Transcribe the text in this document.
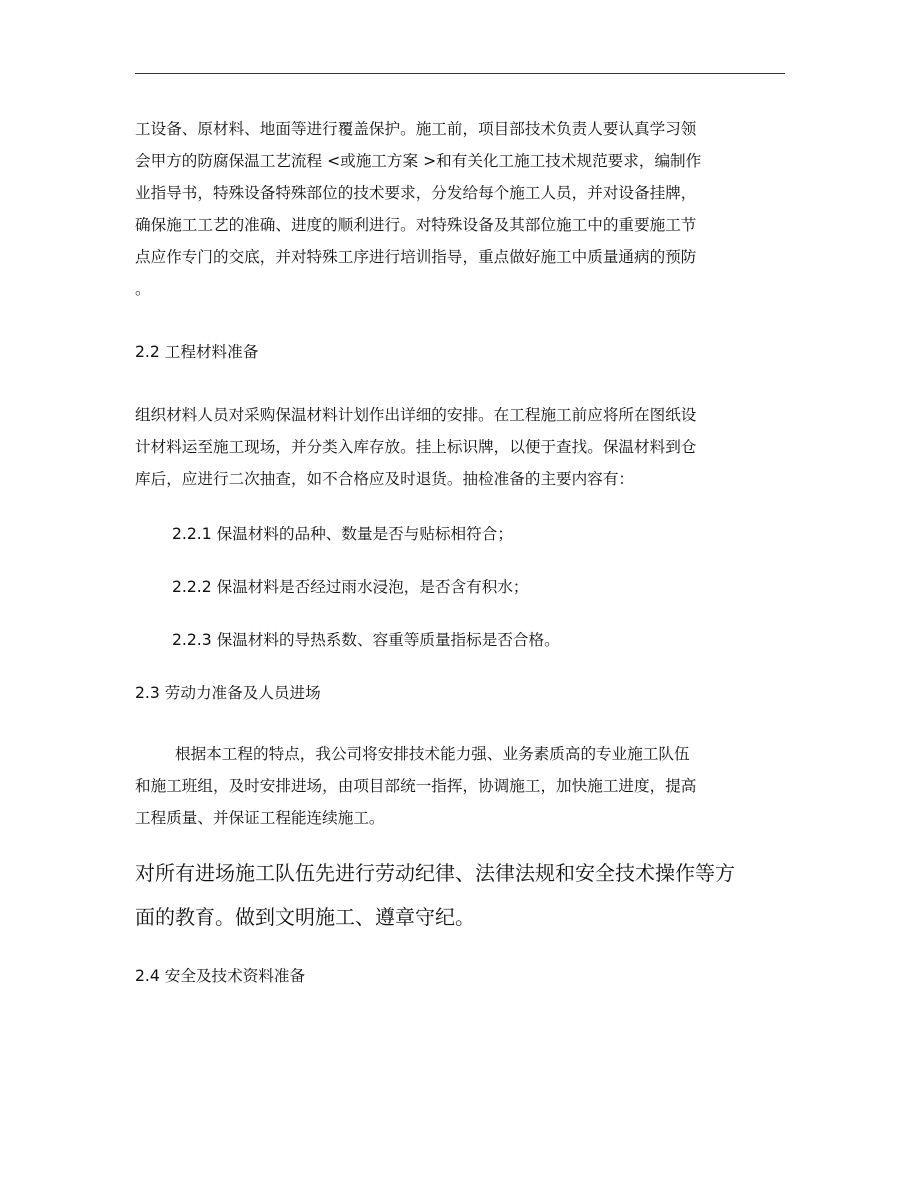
工设备、原材料、地面等进行覆盖保护。施工前，项目部技术负责人要认真学习领
会甲方的防腐保温工艺流程 <或施工方案 >和有关化工施工技术规范要求，编制作
业指导书，特殊设备特殊部位的技术要求，分发给每个施工人员，并对设备挂牌，
确保施工工艺的准确、进度的顺利进行。对特殊设备及其部位施工中的重要施工节
点应作专门的交底，并对特殊工序进行培训指导，重点做好施工中质量通病的预防
。

2.2 工程材料准备

组织材料人员对采购保温材料计划作出详细的安排。在工程施工前应将所在图纸设
计材料运至施工现场，并分类入库存放。挂上标识牌，以便于查找。保温材料到仓
库后，应进行二次抽查，如不合格应及时退货。抽检准备的主要内容有：

2.2.1 保温材料的品种、数量是否与贴标相符合；

2.2.2 保温材料是否经过雨水浸泡，是否含有积水；

2.2.3 保温材料的导热系数、容重等质量指标是否合格。

2.3 劳动力准备及人员进场

根据本工程的特点，我公司将安排技术能力强、业务素质高的专业施工队伍
和施工班组，及时安排进场，由项目部统一指挥，协调施工，加快施工进度，提高
工程质量、并保证工程能连续施工。
对所有进场施工队伍先进行劳动纪律、法律法规和安全技术操作等方
面的教育。做到文明施工、遵章守纪。

2.4 安全及技术资料准备
